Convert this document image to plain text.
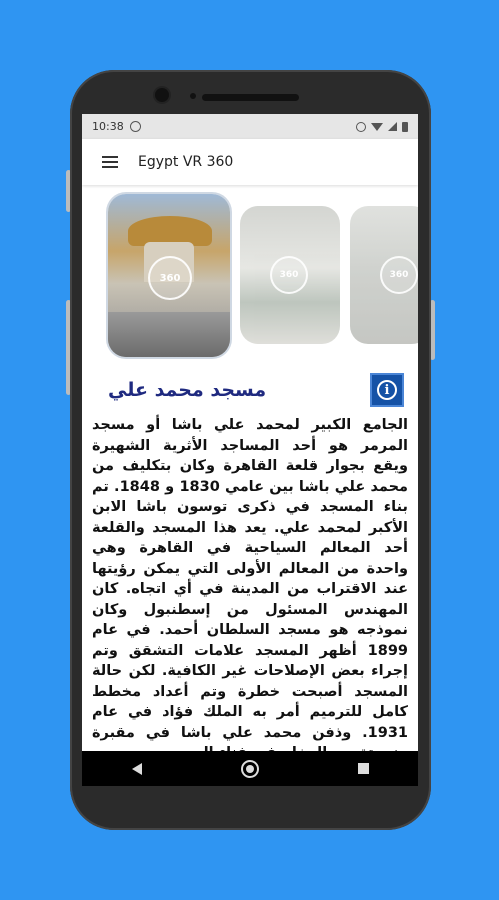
10:38
Egypt VR 360
360	360	360
مسجد محمد علي	i
الجامع الكبير لمحمد علي باشا أو مسجد المرمر هو أحد المساجد الأثرية الشهيرة ويقع بجوار قلعة القاهرة وكان بتكليف من محمد علي باشا بين عامي 1830 و 1848. تم بناء المسجد في ذكرى توسون باشا الابن الأكبر لمحمد علي. يعد هذا المسجد والقلعة أحد المعالم السياحية في القاهرة وهي واحدة من المعالم الأولى التي يمكن رؤيتها عند الاقتراب من المدينة في أي اتجاه. كان المهندس المسئول من إسطنبول وكان نموذجه هو مسجد السلطان أحمد. في عام 1899 أظهر المسجد علامات التشقق وتم إجراء بعض الإصلاحات غير الكافية. لكن حالة المسجد أصبحت خطرة وتم أعداد مخطط كامل للترميم أمر به الملك فؤاد في عام 1931. وذفن محمد علي باشا في مقبرة
